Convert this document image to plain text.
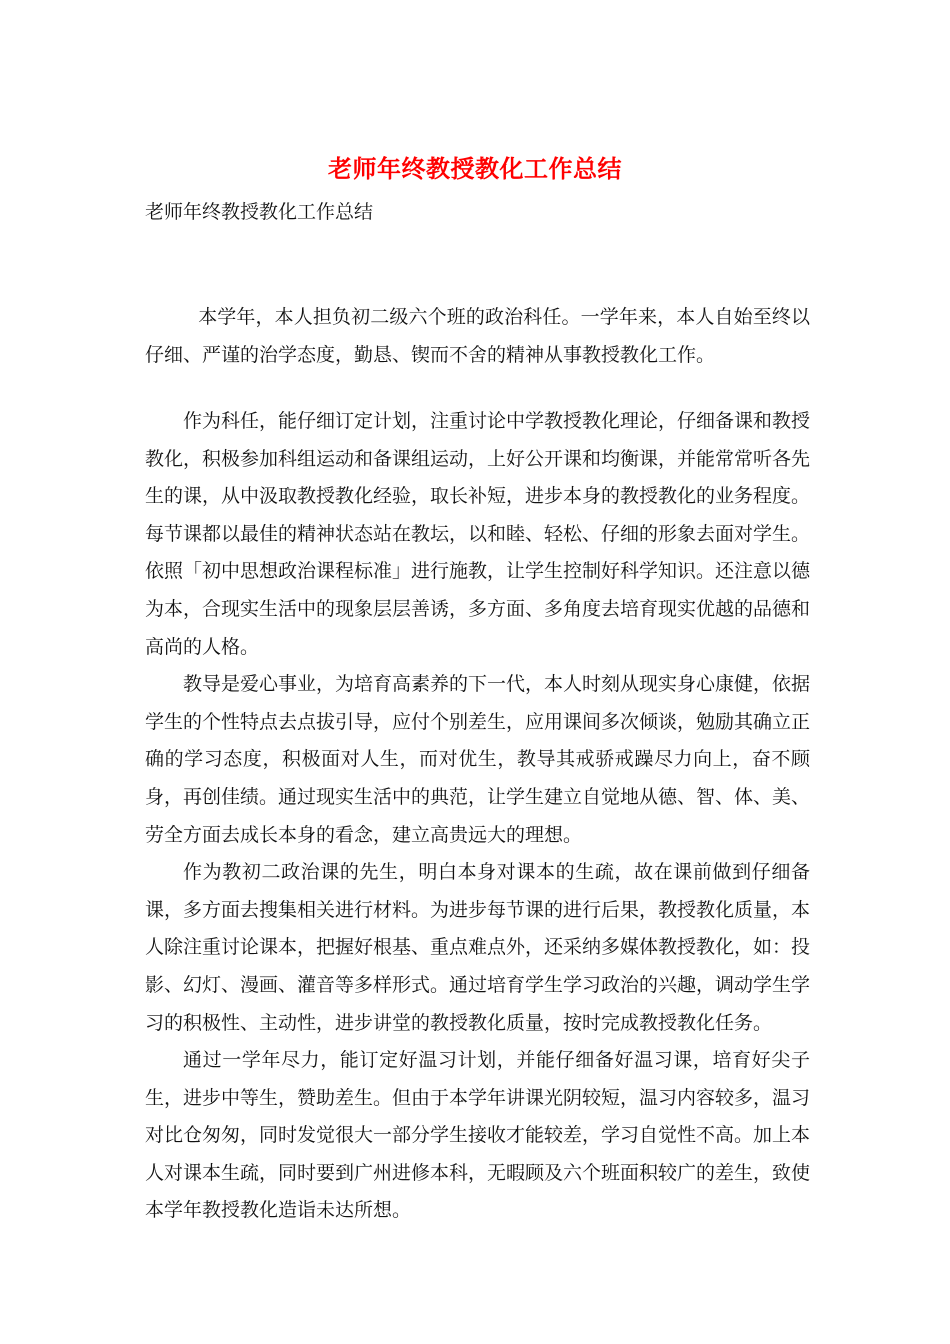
老师年终教授教化工作总结
老师年终教授教化工作总结

本学年，本人担负初二级六个班的政治科任。一学年来，本人自始至终以仔细、严谨的治学态度，勤恳、锲而不舍的精神从事教授教化工作。

作为科任，能仔细订定计划，注重讨论中学教授教化理论，仔细备课和教授教化，积极参加科组运动和备课组运动，上好公开课和均衡课，并能常常听各先生的课，从中汲取教授教化经验，取长补短，进步本身的教授教化的业务程度。每节课都以最佳的精神状态站在教坛，以和睦、轻松、仔细的形象去面对学生。依照「初中思想政治课程标准」进行施教，让学生控制好科学知识。还注意以德为本，合现实生活中的现象层层善诱，多方面、多角度去培育现实优越的品德和高尚的人格。

教导是爱心事业，为培育高素养的下一代，本人时刻从现实身心康健，依据学生的个性特点去点拔引导，应付个别差生，应用课间多次倾谈，勉励其确立正确的学习态度，积极面对人生，而对优生，教导其戒骄戒躁尽力向上，奋不顾身，再创佳绩。通过现实生活中的典范，让学生建立自觉地从德、智、体、美、劳全方面去成长本身的看念，建立高贵远大的理想。

作为教初二政治课的先生，明白本身对课本的生疏，故在课前做到仔细备课，多方面去搜集相关进行材料。为进步每节课的进行后果，教授教化质量，本人除注重讨论课本，把握好根基、重点难点外，还采纳多媒体教授教化，如：投影、幻灯、漫画、灌音等多样形式。通过培育学生学习政治的兴趣，调动学生学习的积极性、主动性，进步讲堂的教授教化质量，按时完成教授教化任务。

通过一学年尽力，能订定好温习计划，并能仔细备好温习课，培育好尖子生，进步中等生，赞助差生。但由于本学年讲课光阴较短，温习内容较多，温习对比仓匆匆，同时发觉很大一部分学生接收才能较差，学习自觉性不高。加上本人对课本生疏，同时要到广州进修本科，无暇顾及六个班面积较广的差生，致使本学年教授教化造诣未达所想。
